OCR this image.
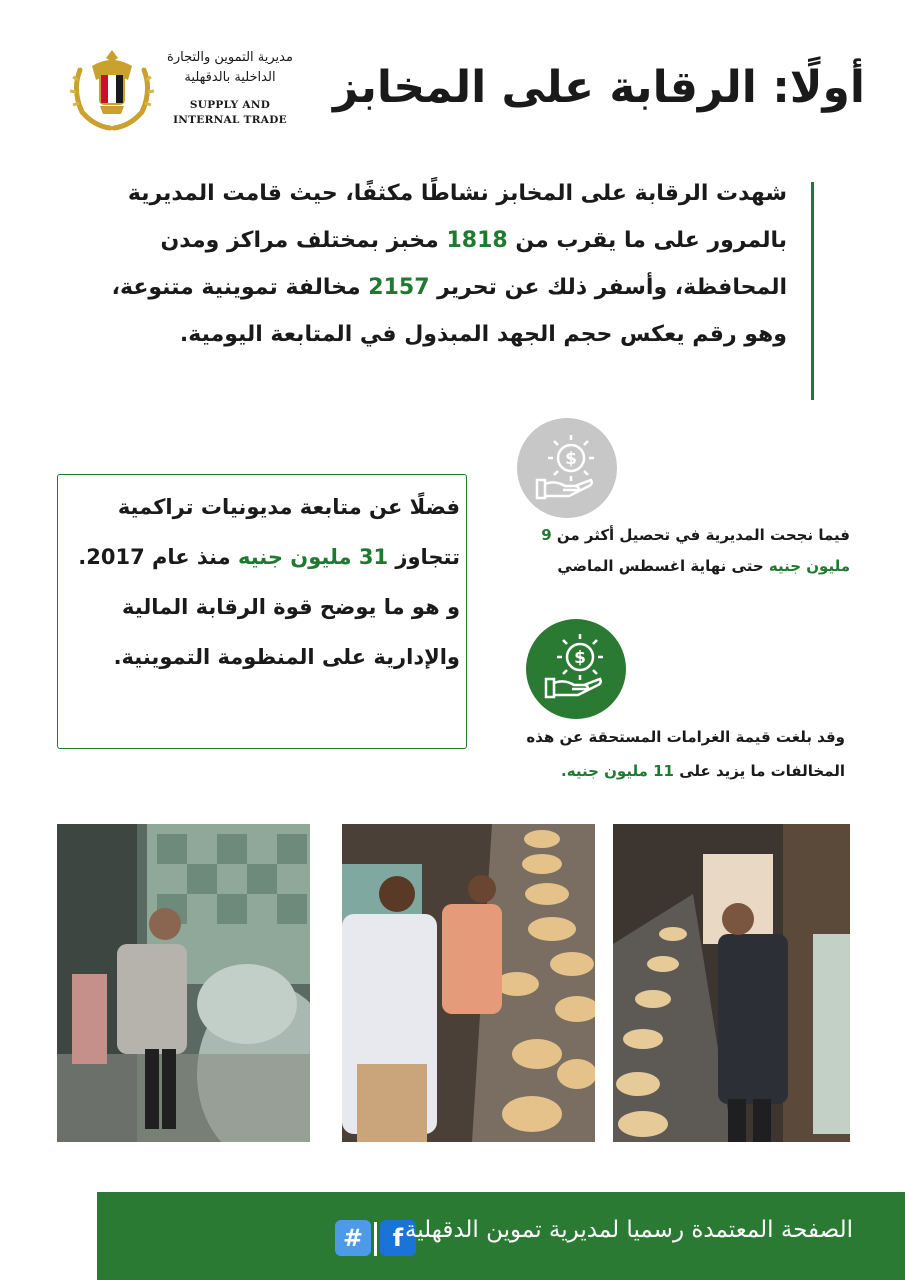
مديرية التموين والتجارة
الداخلية بالدقهلية
SUPPLY AND
INTERNAL TRADE
أولًا: الرقابة على المخابز
شهدت الرقابة على المخابز نشاطًا مكثفًا، حيث قامت المديرية بالمرور على ما يقرب من 1818 مخبز بمختلف مراكز ومدن المحافظة، وأسفر ذلك عن تحرير 2157 مخالفة تموينية متنوعة، وهو رقم يعكس حجم الجهد المبذول في المتابعة اليومية.
فضلًا عن متابعة مديونيات تراكمية تتجاوز 31 مليون جنيه منذ عام 2017. و هو ما يوضح قوة الرقابة المالية والإدارية على المنظومة التموينية.
$
فيما نجحت المديرية في تحصيل أكثر من 9 مليون جنيه حتى نهاية اغسطس الماضي
$
وقد بلغت قيمة الغرامات المستحقة عن هذه المخالفات ما يزيد على 11 مليون جنيه.
#	f الصفحة المعتمدة رسميا لمديرية تموين الدقهلية
